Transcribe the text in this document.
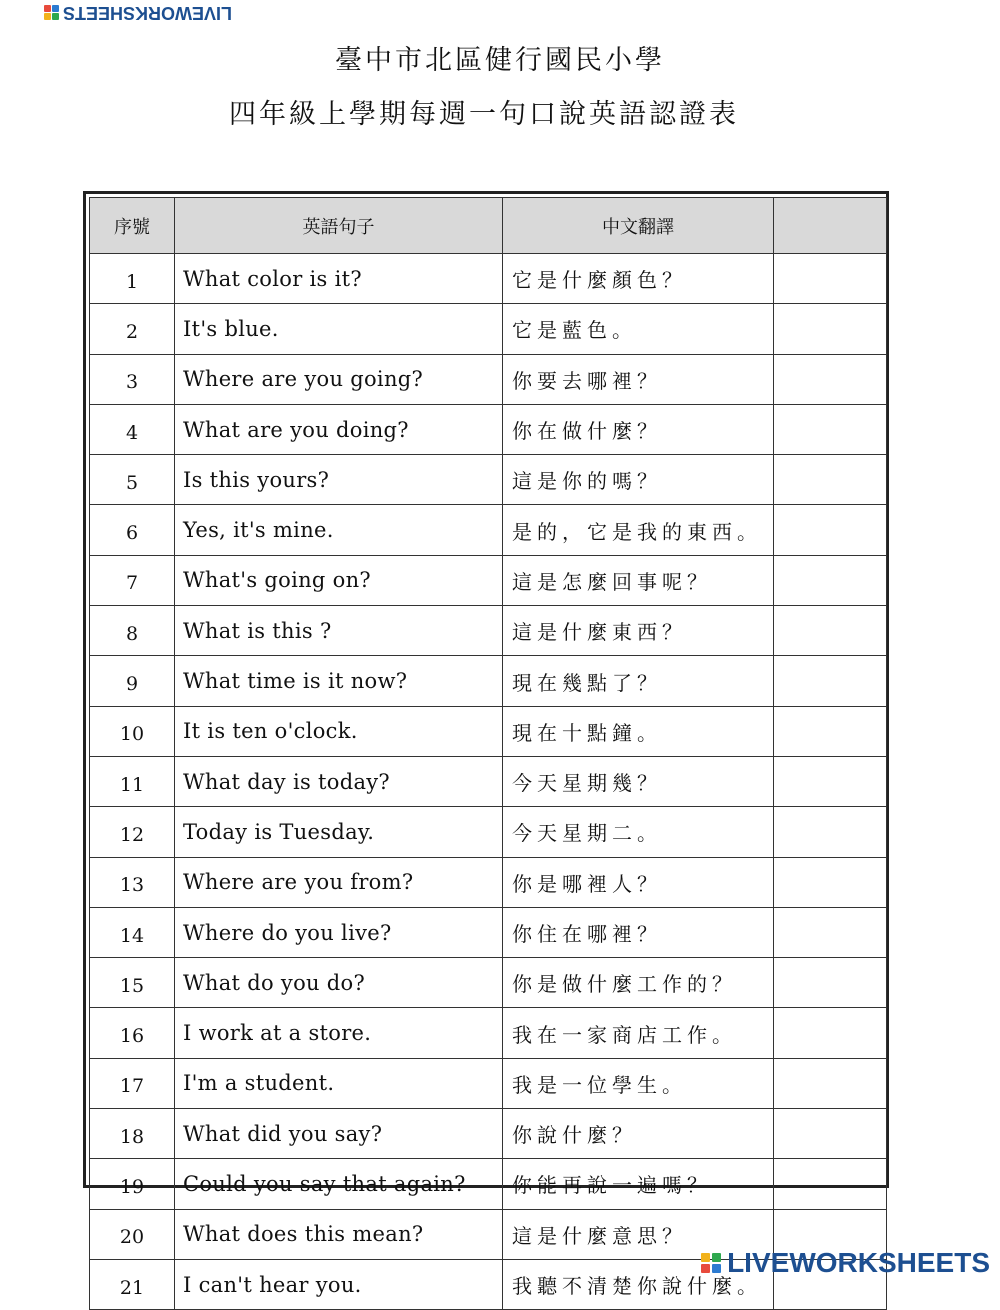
LIVEWORKSHEETS
臺中市北區健行國民小學
四年級上學期每週一句口說英語認證表
序號	英語句子	中文翻譯	
1	What color is it?	它是什麼顏色？	
2	It's blue.	它是藍色。	
3	Where are you going?	你要去哪裡？	
4	What are you doing?	你在做什麼？	
5	Is this yours?	這是你的嗎？	
6	Yes, it's mine.	是的，它是我的東西。	
7	What's going on?	這是怎麼回事呢？	
8	What is this ?	這是什麼東西？	
9	What time is it now?	現在幾點了？	
10	It is ten o'clock.	現在十點鐘。	
11	What day is today?	今天星期幾？	
12	Today is Tuesday.	今天星期二。	
13	Where are you from?	你是哪裡人？	
14	Where do you live?	你住在哪裡？	
15	What do you do?	你是做什麼工作的？	
16	I work at a store.	我在一家商店工作。	
17	I'm a student.	我是一位學生。	
18	What did you say?	你說什麼？	
19	Could you say that again?	你能再說一遍嗎？	
20	What does this mean?	這是什麼意思？	
21	I can't hear you.	我聽不清楚你說什麼。	
LIVEWORKSHEETS
